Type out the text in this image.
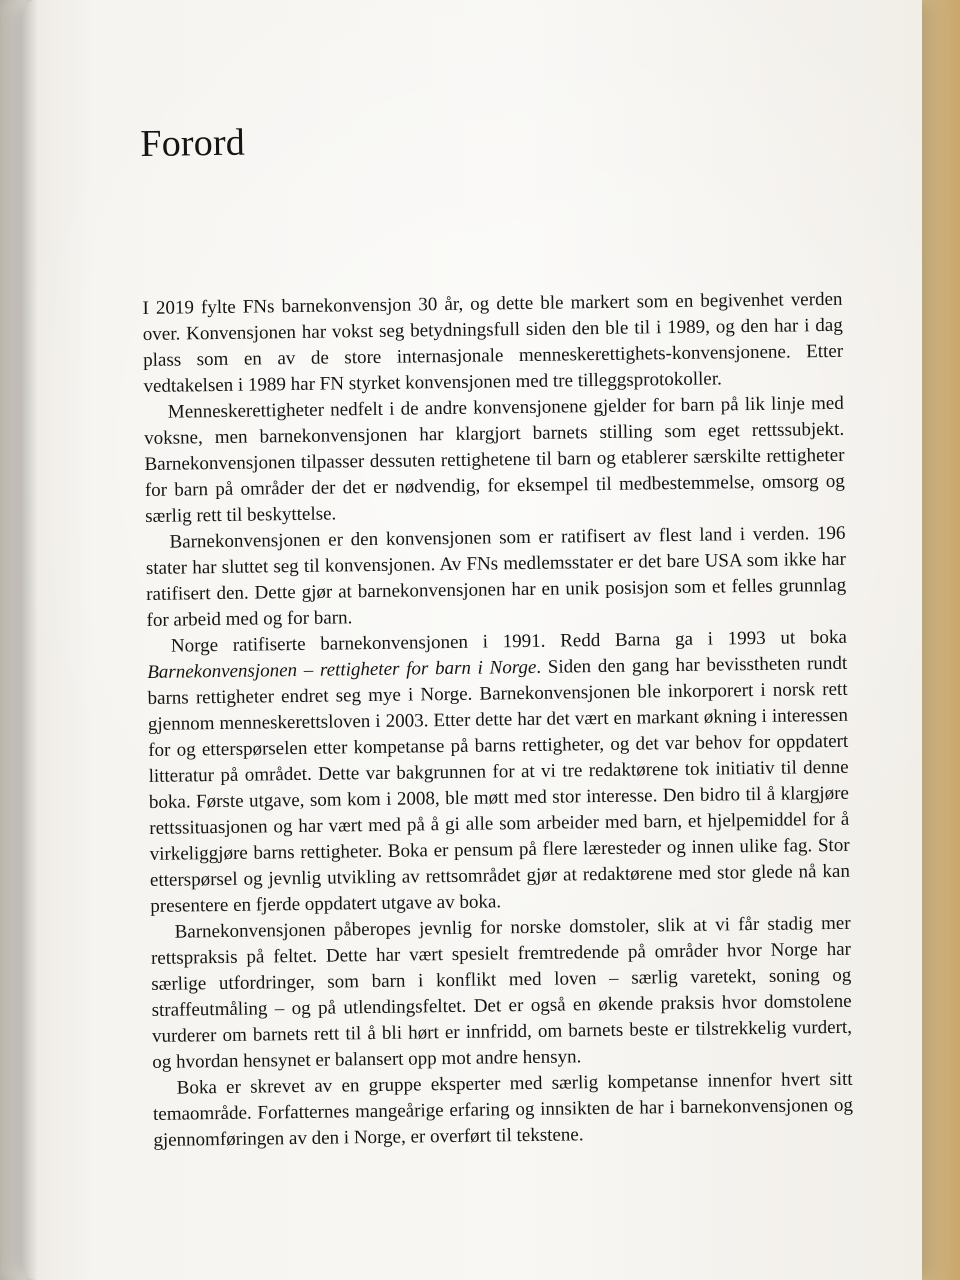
Forord

I 2019 fylte FNs barnekonvensjon 30 år, og dette ble markert som en begivenhet verden over. Konvensjonen har vokst seg betydningsfull siden den ble til i 1989, og den har i dag plass som en av de store internasjonale menneskerettighets-konvensjonene. Etter vedtakelsen i 1989 har FN styrket konvensjonen med tre tilleggsprotokoller.

Menneskerettigheter nedfelt i de andre konvensjonene gjelder for barn på lik linje med voksne, men barnekonvensjonen har klargjort barnets stilling som eget rettssubjekt. Barnekonvensjonen tilpasser dessuten rettighetene til barn og etablerer særskilte rettigheter for barn på områder der det er nødvendig, for eksempel til medbestemmelse, omsorg og særlig rett til beskyttelse.

Barnekonvensjonen er den konvensjonen som er ratifisert av flest land i verden. 196 stater har sluttet seg til konvensjonen. Av FNs medlemsstater er det bare USA som ikke har ratifisert den. Dette gjør at barnekonvensjonen har en unik posisjon som et felles grunnlag for arbeid med og for barn.

Norge ratifiserte barnekonvensjonen i 1991. Redd Barna ga i 1993 ut boka Barnekonvensjonen – rettigheter for barn i Norge. Siden den gang har bevisstheten rundt barns rettigheter endret seg mye i Norge. Barnekonvensjonen ble inkorporert i norsk rett gjennom menneskerettsloven i 2003. Etter dette har det vært en markant økning i interessen for og etterspørselen etter kompetanse på barns rettigheter, og det var behov for oppdatert litteratur på området. Dette var bakgrunnen for at vi tre redaktørene tok initiativ til denne boka. Første utgave, som kom i 2008, ble møtt med stor interesse. Den bidro til å klargjøre rettssituasjonen og har vært med på å gi alle som arbeider med barn, et hjelpemiddel for å virkeliggjøre barns rettigheter. Boka er pensum på flere læresteder og innen ulike fag. Stor etterspørsel og jevnlig utvikling av rettsområdet gjør at redaktørene med stor glede nå kan presentere en fjerde oppdatert utgave av boka.

Barnekonvensjonen påberopes jevnlig for norske domstoler, slik at vi får stadig mer rettspraksis på feltet. Dette har vært spesielt fremtredende på områder hvor Norge har særlige utfordringer, som barn i konflikt med loven – særlig varetekt, soning og straffeutmåling – og på utlendingsfeltet. Det er også en økende praksis hvor domstolene vurderer om barnets rett til å bli hørt er innfridd, om barnets beste er tilstrekkelig vurdert, og hvordan hensynet er balansert opp mot andre hensyn.

Boka er skrevet av en gruppe eksperter med særlig kompetanse innenfor hvert sitt temaområde. Forfatternes mangeårige erfaring og innsikten de har i barnekonvensjonen og gjennomføringen av den i Norge, er overført til tekstene.
